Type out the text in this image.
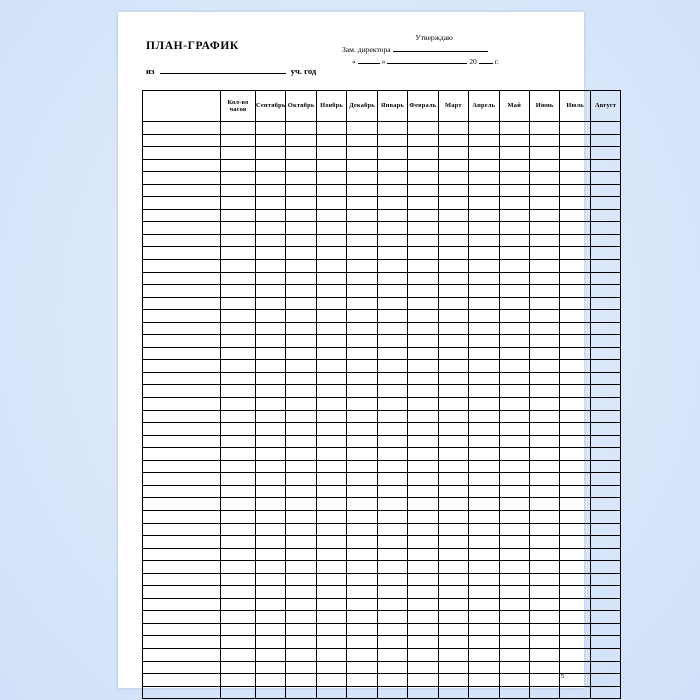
ПЛАН-ГРАФИК
Утверждаю
Зам. директора
«	»	20 г.
из	уч. год
	Кол-во часов	Сентябрь	Октябрь	Ноябрь	Декабрь	Январь	Февраль	Март	Апрель	Май	Июнь	Июль	Август

5
